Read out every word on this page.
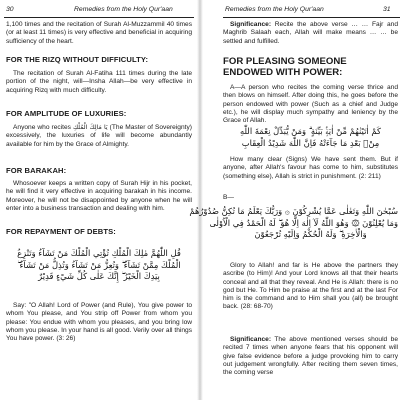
30	Remedies from the Holy Qur'aan

1,100 times and the recitation of Surah Al-Muzzammil 40 times (or at least 11 times) is very effective and beneficial in acquiring sufficiency of the heart.

FOR THE RIZQ WITHOUT DIFFICULTY:

The recitation of Surah Al-Fatiha 111 times during the late portion of the night, will—Insha Allah—be very effective in acquiring Rizq with much difficulty.

FOR AMPLITUDE OF LUXURIES:

Anyone who recites يَا مَالِكَ الْمُلْكِ (The Master of Sovereignty) excessively, the luxuries of life will become abundantly available for him by the Grace of Almighty.

FOR BARAKAH:

Whosoever keeps a written copy of Surah Hijr in his pocket, he will find it very effective in acquiring barakah in his income. Moreover, he will not be disappointed by anyone when he will enter into a business transaction and dealing with him.

FOR REPAYMENT OF DEBTS:
قُلِ اللّٰهُمَّ مٰلِكَ الْمُلْكِ تُؤْتِي الْمُلْكَ مَنْ تَشَآءُ وَتَنْزِعُ
الْمُلْكَ مِمَّنْ تَشَآءُ ۖ وَتُعِزُّ مَنْ تَشَآءُ وَتُذِلُّ مَنْ تَشَآءُ ۖ
بِيَدِكَ الْخَيْرُ ۖ إِنَّكَ عَلٰى كُلِّ شَيْءٍ قَدِيْرٌ

Say: "O Allah! Lord of Power (and Rule), You give power to whom You please, and You strip off Power from whom you please: You endue with whom you pleases, and you bring low whom you please. In your hand is all good. Verily over all things You have power. (3: 26)

Remedies from the Holy Qur'aan	31

Significance: Recite the above verse … … Fajr and Maghrib Salaah each, Allah will make means … … be settled and fulfilled.

FOR PLEASING SOMEONE ENDOWED WITH POWER:

A—A person who recites the coming verse thrice and then blows on himself. After doing this, he goes before the person endowed with power (Such as a chief and Judge etc.), he will display much sympathy and leniency by the Grace of Allah.

كَمْ اٰتَيْنٰهُمْ مِّنْ اٰيَةٍۢ بَيِّنَةٍ ۗ وَمَنْ يُّبَدِّلْ نِعْمَةَ اللّٰهِ
مِنْۢ بَعْدِ مَا جَآءَتْهُ فَاِنَّ اللّٰهَ شَدِيْدُ الْعِقَابِ

How many clear (Signs) We have sent them. But if anyone, after Allah's favour has come to him, substitutes (something else), Allah is strict in punishment. (2: 211)

B—

سُبْحٰنَ اللّٰهِ وَتَعٰلٰى عَمَّا يُشْرِكُوْنَ ۞ وَرَبُّكَ يَعْلَمُ مَا تُكِنُّ صُدُوْرُهُمْ
وَمَا يُعْلِنُوْنَ ۞ وَهُوَ اللّٰهُ لَآ اِلٰهَ اِلَّا هُوَ ۖ لَهُ الْحَمْدُ فِي الْاُوْلٰى
وَالْاٰخِرَةِ ۖ وَلَهُ الْحُكْمُ وَاِلَيْهِ تُرْجَعُوْنَ

Glory to Allah! and far is He above the partners they ascribe (to Him)! And your Lord knows all that their hearts conceal and all that they reveal. And He is Allah: there is no god but He. To Him be praise at the first and at the last For him is the command and to Him shall you (all) be brought back. (28: 68-70)

Significance: The above mentioned verses should be recited 7 times when anyone fears that his opponent will give false evidence before a judge provoking him to carry out judgement wrongfully. After reciting them seven times, the coming verse
